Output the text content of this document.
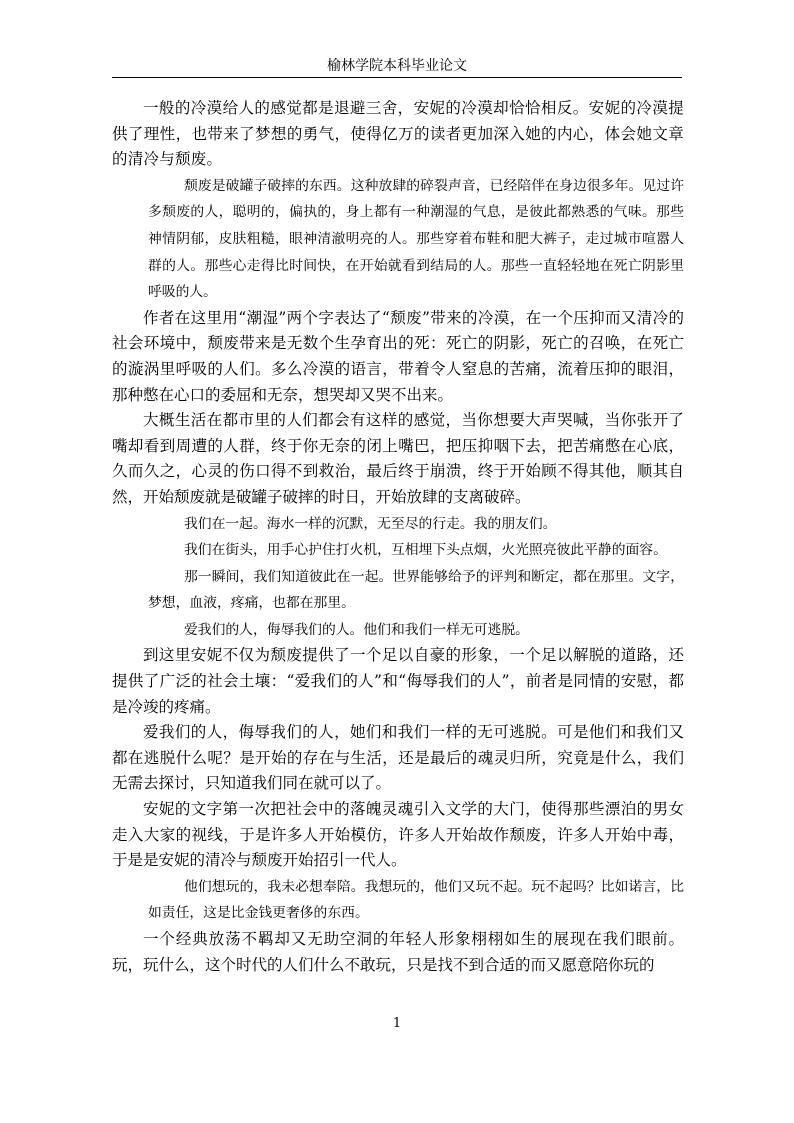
榆林学院本科毕业论文

一般的冷漠给人的感觉都是退避三舍，安妮的冷漠却恰恰相反。安妮的冷漠提供了理性，也带来了梦想的勇气，使得亿万的读者更加深入她的内心，体会她文章的清冷与颓废。

颓废是破罐子破摔的东西。这种放肆的碎裂声音，已经陪伴在身边很多年。见过许多颓废的人，聪明的，偏执的，身上都有一种潮湿的气息，是彼此都熟悉的气味。那些神情阴郁，皮肤粗糙，眼神清澈明亮的人。那些穿着布鞋和肥大裤子，走过城市喧嚣人群的人。那些心走得比时间快，在开始就看到结局的人。那些一直轻轻地在死亡阴影里呼吸的人。

作者在这里用“潮湿”两个字表达了“颓废”带来的冷漠，在一个压抑而又清冷的社会环境中，颓废带来是无数个生孕育出的死：死亡的阴影，死亡的召唤，在死亡的漩涡里呼吸的人们。多么冷漠的语言，带着令人窒息的苦痛，流着压抑的眼泪，那种憋在心口的委屈和无奈，想哭却又哭不出来。

大概生活在都市里的人们都会有这样的感觉，当你想要大声哭喊，当你张开了嘴却看到周遭的人群，终于你无奈的闭上嘴巴，把压抑咽下去，把苦痛憋在心底，久而久之，心灵的伤口得不到救治，最后终于崩溃，终于开始顾不得其他，顺其自然，开始颓废就是破罐子破摔的时日，开始放肆的支离破碎。

我们在一起。海水一样的沉默，无至尽的行走。我的朋友们。

我们在街头，用手心护住打火机，互相埋下头点烟，火光照亮彼此平静的面容。

那一瞬间，我们知道彼此在一起。世界能够给予的评判和断定，都在那里。文字，梦想，血液，疼痛，也都在那里。

爱我们的人，侮辱我们的人。他们和我们一样无可逃脱。

到这里安妮不仅为颓废提供了一个足以自豪的形象，一个足以解脱的道路，还提供了广泛的社会土壤：“爱我们的人”和“侮辱我们的人”，前者是同情的安慰，都是冷竣的疼痛。

爱我们的人，侮辱我们的人，她们和我们一样的无可逃脱。可是他们和我们又都在逃脱什么呢？是开始的存在与生活，还是最后的魂灵归所，究竟是什么，我们无需去探讨，只知道我们同在就可以了。

安妮的文字第一次把社会中的落魄灵魂引入文学的大门，使得那些漂泊的男女走入大家的视线，于是许多人开始模仿，许多人开始故作颓废，许多人开始中毒，于是是安妮的清冷与颓废开始招引一代人。

他们想玩的，我未必想奉陪。我想玩的，他们又玩不起。玩不起吗？比如诺言，比如责任，这是比金钱更奢侈的东西。

一个经典放荡不羁却又无助空洞的年轻人形象栩栩如生的展现在我们眼前。玩，玩什么，这个时代的人们什么不敢玩，只是找不到合适的而又愿意陪你玩的

1
